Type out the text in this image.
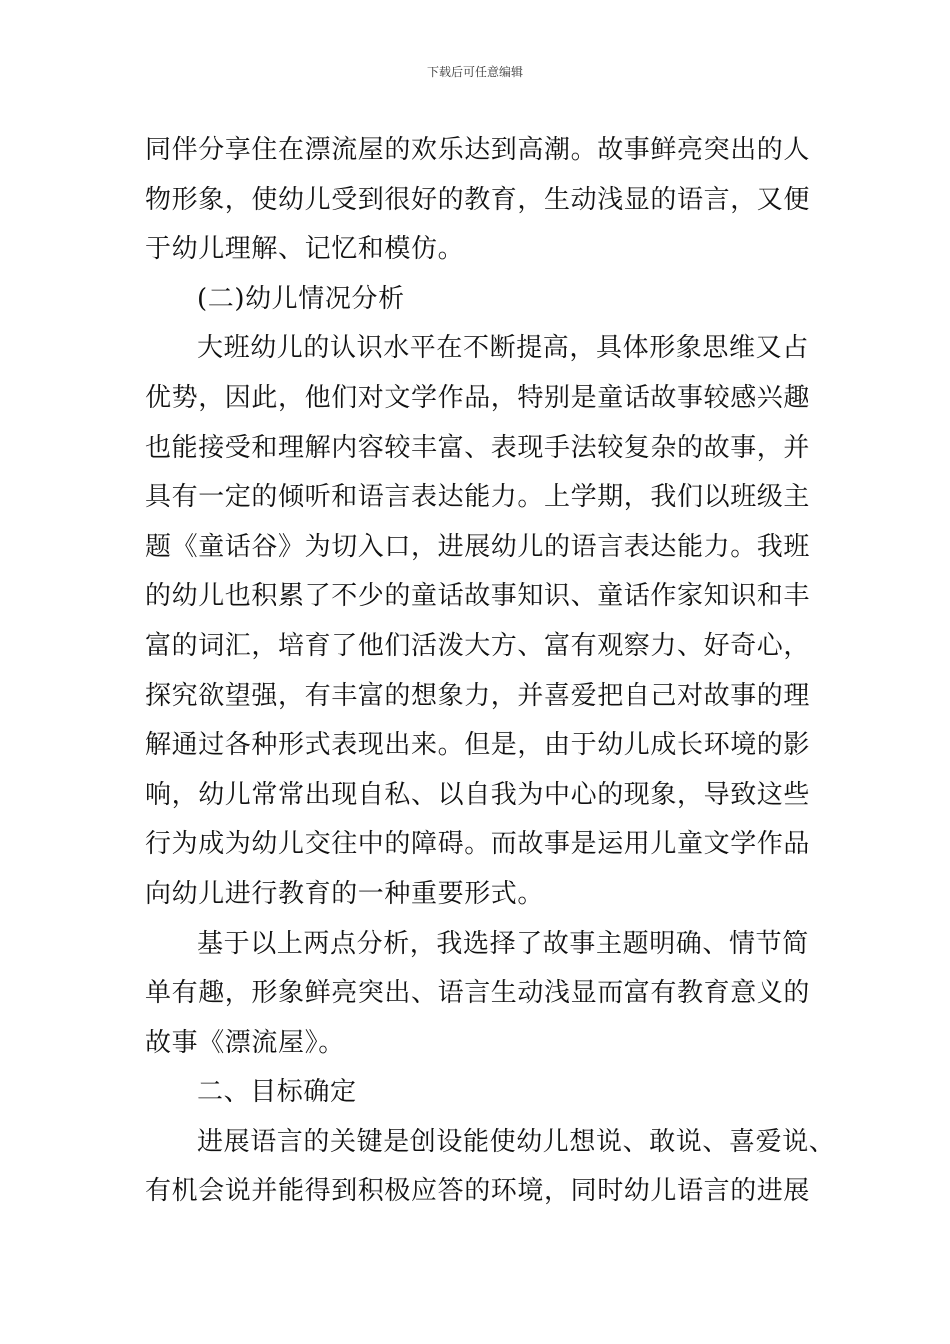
下载后可任意编辑
同伴分享住在漂流屋的欢乐达到高潮。故事鲜亮突出的人
物形象，使幼儿受到很好的教育，生动浅显的语言，又便
于幼儿理解、记忆和模仿。
(二)幼儿情况分析
大班幼儿的认识水平在不断提高，具体形象思维又占
优势，因此，他们对文学作品，特别是童话故事较感兴趣
也能接受和理解内容较丰富、表现手法较复杂的故事，并
具有一定的倾听和语言表达能力。上学期，我们以班级主
题《童话谷》为切入口，进展幼儿的语言表达能力。我班
的幼儿也积累了不少的童话故事知识、童话作家知识和丰
富的词汇，培育了他们活泼大方、富有观察力、好奇心，
探究欲望强，有丰富的想象力，并喜爱把自己对故事的理
解通过各种形式表现出来。但是，由于幼儿成长环境的影
响，幼儿常常出现自私、以自我为中心的现象，导致这些
行为成为幼儿交往中的障碍。而故事是运用儿童文学作品
向幼儿进行教育的一种重要形式。
基于以上两点分析，我选择了故事主题明确、情节简
单有趣，形象鲜亮突出、语言生动浅显而富有教育意义的
故事《漂流屋》。
二、目标确定
进展语言的关键是创设能使幼儿想说、敢说、喜爱说、
有机会说并能得到积极应答的环境，同时幼儿语言的进展
